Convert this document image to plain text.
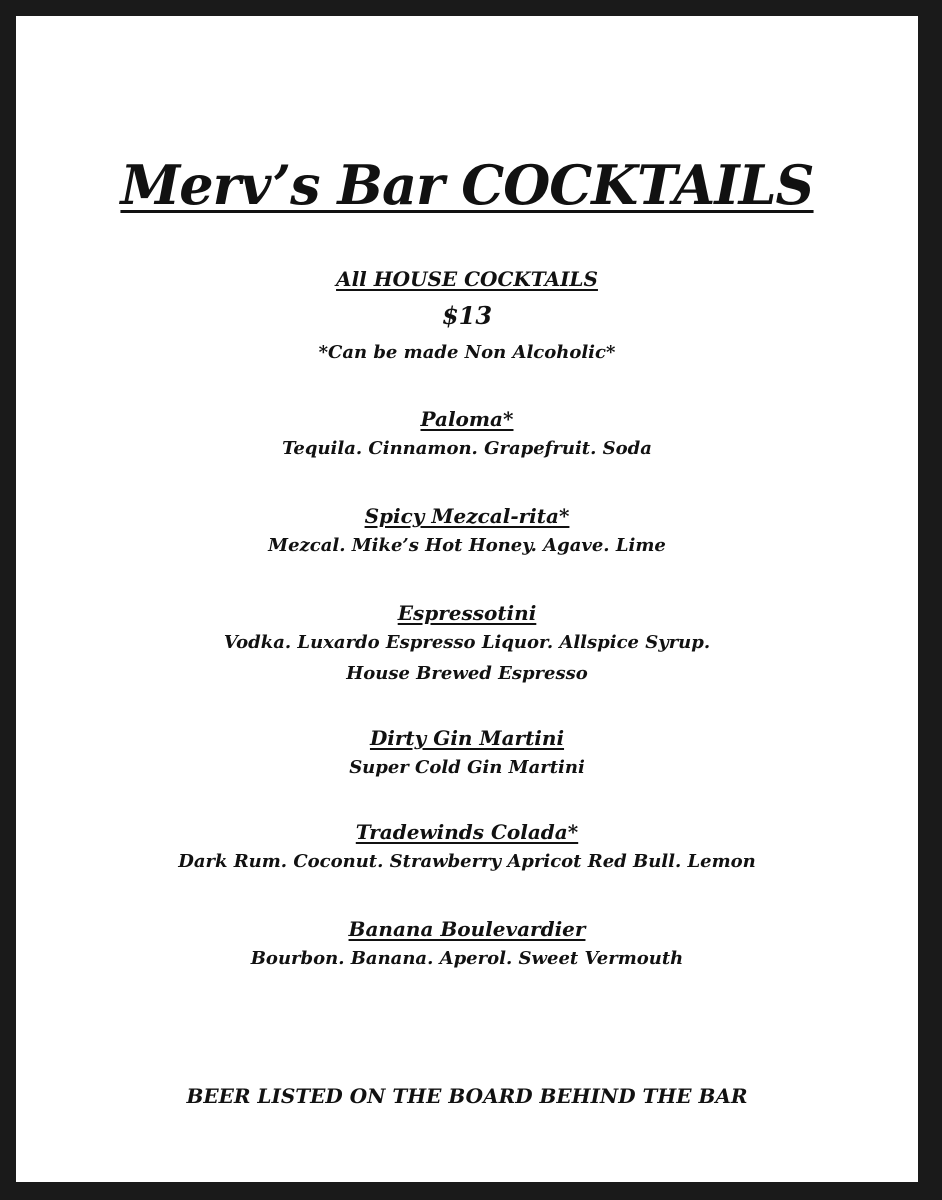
Merv’s Bar COCKTAILS
All HOUSE COCKTAILS
$13
*Can be made Non Alcoholic*
Paloma*
Tequila. Cinnamon. Grapefruit. Soda
Spicy Mezcal-rita*
Mezcal. Mike’s Hot Honey. Agave. Lime
Espressotini
Vodka. Luxardo Espresso Liquor. Allspice Syrup.
House Brewed Espresso
Dirty Gin Martini
Super Cold Gin Martini
Tradewinds Colada*
Dark Rum. Coconut. Strawberry Apricot Red Bull. Lemon
Banana Boulevardier
Bourbon. Banana. Aperol. Sweet Vermouth
BEER LISTED ON THE BOARD BEHIND THE BAR
